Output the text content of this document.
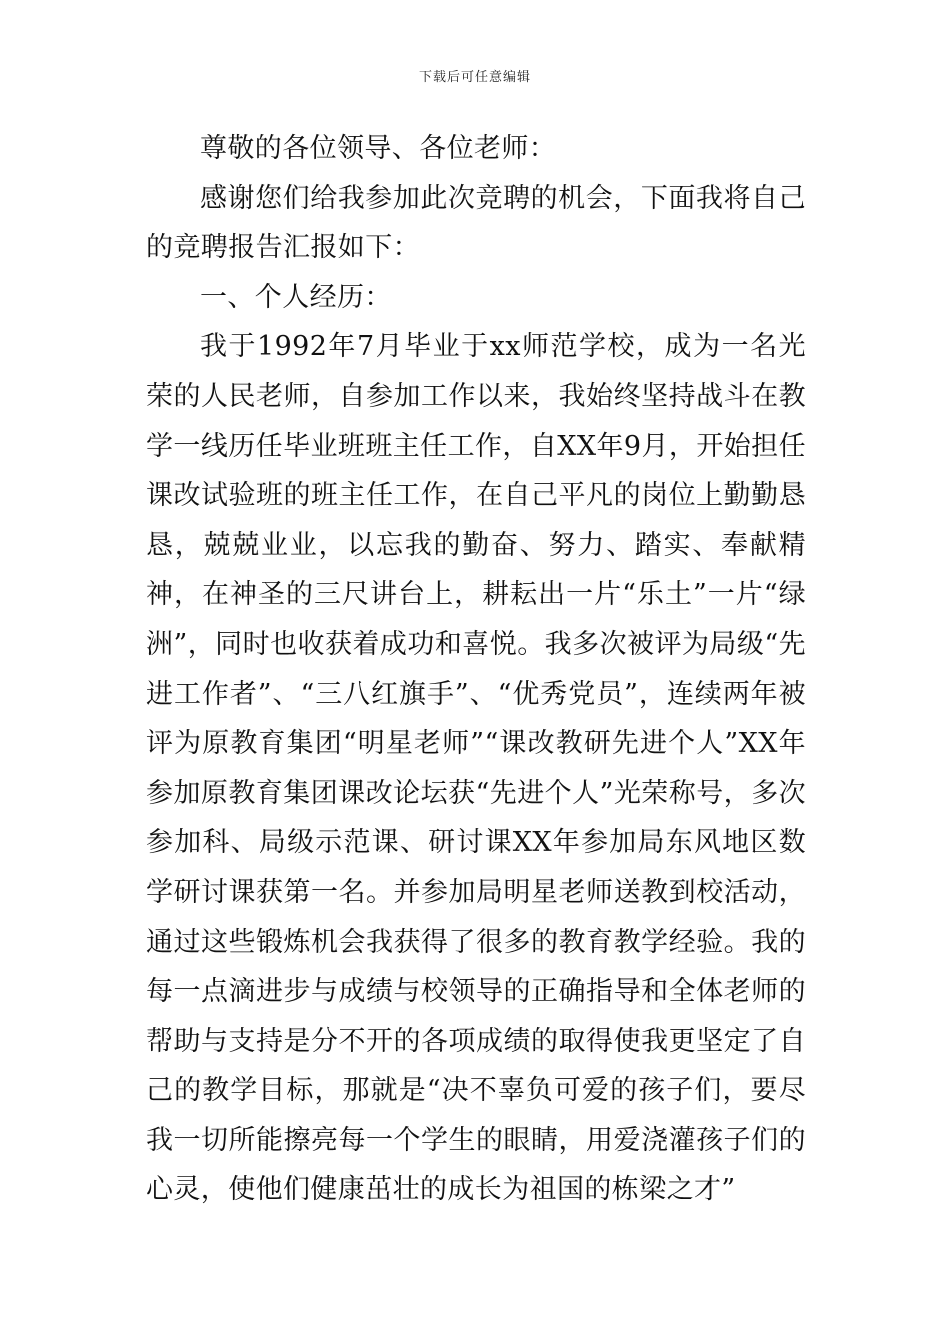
下载后可任意编辑

尊敬的各位领导、各位老师：

感谢您们给我参加此次竞聘的机会，下面我将自己的竞聘报告汇报如下：

一、个人经历：

我于1992年7月毕业于xx师范学校，成为一名光荣的人民老师，自参加工作以来，我始终坚持战斗在教学一线历任毕业班班主任工作，自XX年9月，开始担任课改试验班的班主任工作，在自己平凡的岗位上勤勤恳恳，兢兢业业，以忘我的勤奋、努力、踏实、奉献精神，在神圣的三尺讲台上，耕耘出一片“乐土”一片“绿洲”，同时也收获着成功和喜悦。我多次被评为局级“先进工作者”、“三八红旗手”、“优秀党员”，连续两年被评为原教育集团“明星老师”“课改教研先进个人”XX年参加原教育集团课改论坛获“先进个人”光荣称号，多次参加科、局级示范课、研讨课XX年参加局东风地区数学研讨课获第一名。并参加局明星老师送教到校活动，通过这些锻炼机会我获得了很多的教育教学经验。我的每一点滴进步与成绩与校领导的正确指导和全体老师的帮助与支持是分不开的各项成绩的取得使我更坚定了自己的教学目标，那就是“决不辜负可爱的孩子们，要尽我一切所能擦亮每一个学生的眼睛，用爱浇灌孩子们的心灵，使他们健康茁壮的成长为祖国的栋梁之才”
